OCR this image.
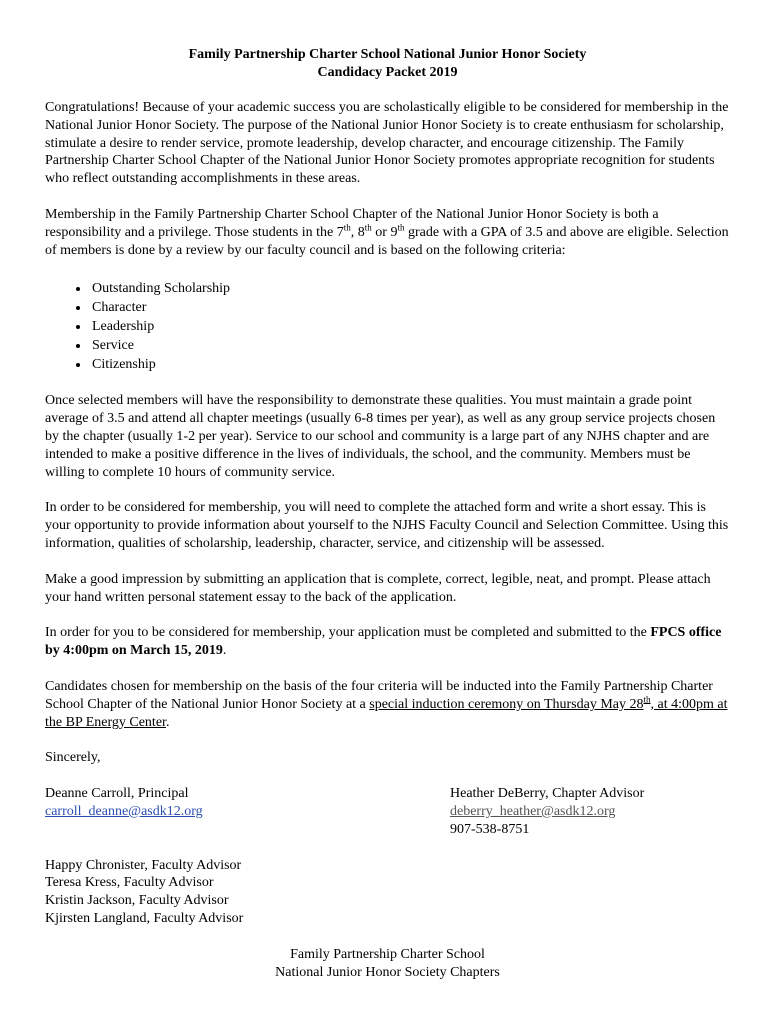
Family Partnership Charter School National Junior Honor Society

Candidacy Packet 2019

Congratulations! Because of your academic success you are scholastically eligible to be considered for membership in the National Junior Honor Society. The purpose of the National Junior Honor Society is to create enthusiasm for scholarship, stimulate a desire to render service, promote leadership, develop character, and encourage citizenship. The Family Partnership Charter School Chapter of the National Junior Honor Society promotes appropriate recognition for students who reflect outstanding accomplishments in these areas.

Membership in the Family Partnership Charter School Chapter of the National Junior Honor Society is both a responsibility and a privilege. Those students in the 7th, 8th or 9th grade with a GPA of 3.5 and above are eligible. Selection of members is done by a review by our faculty council and is based on the following criteria:

• Outstanding Scholarship
• Character
• Leadership
• Service
• Citizenship

Once selected members will have the responsibility to demonstrate these qualities. You must maintain a grade point average of 3.5 and attend all chapter meetings (usually 6-8 times per year), as well as any group service projects chosen by the chapter (usually 1-2 per year). Service to our school and community is a large part of any NJHS chapter and are intended to make a positive difference in the lives of individuals, the school, and the community. Members must be willing to complete 10 hours of community service.

In order to be considered for membership, you will need to complete the attached form and write a short essay. This is your opportunity to provide information about yourself to the NJHS Faculty Council and Selection Committee. Using this information, qualities of scholarship, leadership, character, service, and citizenship will be assessed.

Make a good impression by submitting an application that is complete, correct, legible, neat, and prompt. Please attach your hand written personal statement essay to the back of the application.

In order for you to be considered for membership, your application must be completed and submitted to the FPCS office by 4:00pm on March 15, 2019.

Candidates chosen for membership on the basis of the four criteria will be inducted into the Family Partnership Charter School Chapter of the National Junior Honor Society at a special induction ceremony on Thursday May 28th, at 4:00pm at the BP Energy Center.

Sincerely,

Deanne Carroll, Principal
carroll_deanne@asdk12.org
Heather DeBerry, Chapter Advisor
deberry_heather@asdk12.org
907-538-8751
Happy Chronister, Faculty Advisor
Teresa Kress, Faculty Advisor
Kristin Jackson, Faculty Advisor
Kjirsten Langland, Faculty Advisor
Family Partnership Charter School
National Junior Honor Society Chapters
